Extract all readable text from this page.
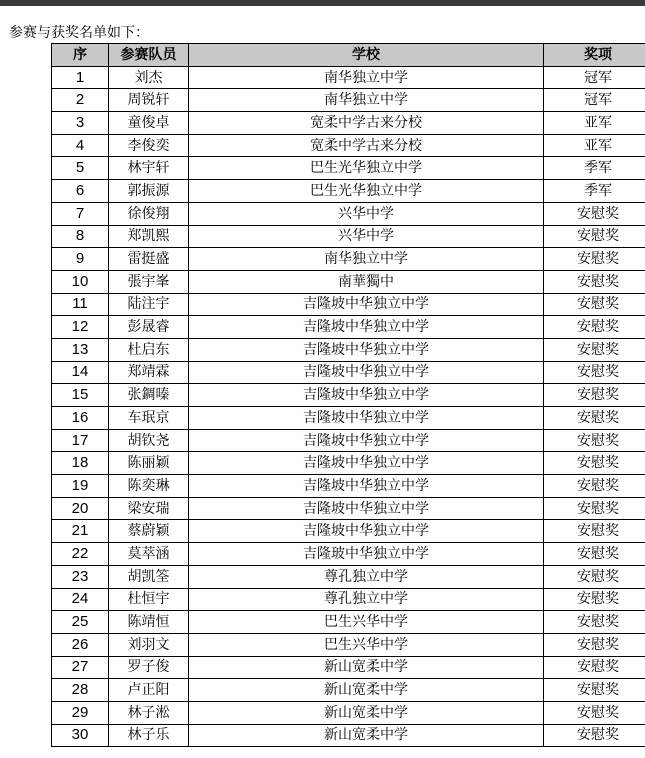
参赛与获奖名单如下：
序	参赛队员	学校	奖项
1	刘杰	南华独立中学	冠军
2	周锐轩	南华独立中学	冠军
3	童俊卓	宽柔中学古来分校	亚军
4	李俊奕	宽柔中学古来分校	亚军
5	林宇轩	巴生光华独立中学	季军
6	郭振源	巴生光华独立中学	季军
7	徐俊翔	兴华中学	安慰奖
8	郑凯熙	兴华中学	安慰奖
9	雷挺盛	南华独立中学	安慰奖
10	張宇峯	南華獨中	安慰奖
11	陆注宇	吉隆坡中华独立中学	安慰奖
12	彭晟睿	吉隆坡中华独立中学	安慰奖
13	杜启东	吉隆坡中华独立中学	安慰奖
14	郑靖霖	吉隆坡中华独立中学	安慰奖
15	张錭嗪	吉隆坡中华独立中学	安慰奖
16	车珉京	吉隆坡中华独立中学	安慰奖
17	胡钦尧	吉隆坡中华独立中学	安慰奖
18	陈丽颖	吉隆坡中华独立中学	安慰奖
19	陈奕琳	吉隆坡中华独立中学	安慰奖
20	梁安瑞	吉隆坡中华独立中学	安慰奖
21	蔡蔚颖	吉隆坡中华独立中学	安慰奖
22	莫萃涵	吉隆玻中华独立中学	安慰奖
23	胡凯筌	尊孔独立中学	安慰奖
24	杜恒宇	尊孔独立中学	安慰奖
25	陈靖恒	巴生兴华中学	安慰奖
26	刘羽文	巴生兴华中学	安慰奖
27	罗子俊	新山宽柔中学	安慰奖
28	卢正阳	新山宽柔中学	安慰奖
29	林子淞	新山宽柔中学	安慰奖
30	林子乐	新山宽柔中学	安慰奖
